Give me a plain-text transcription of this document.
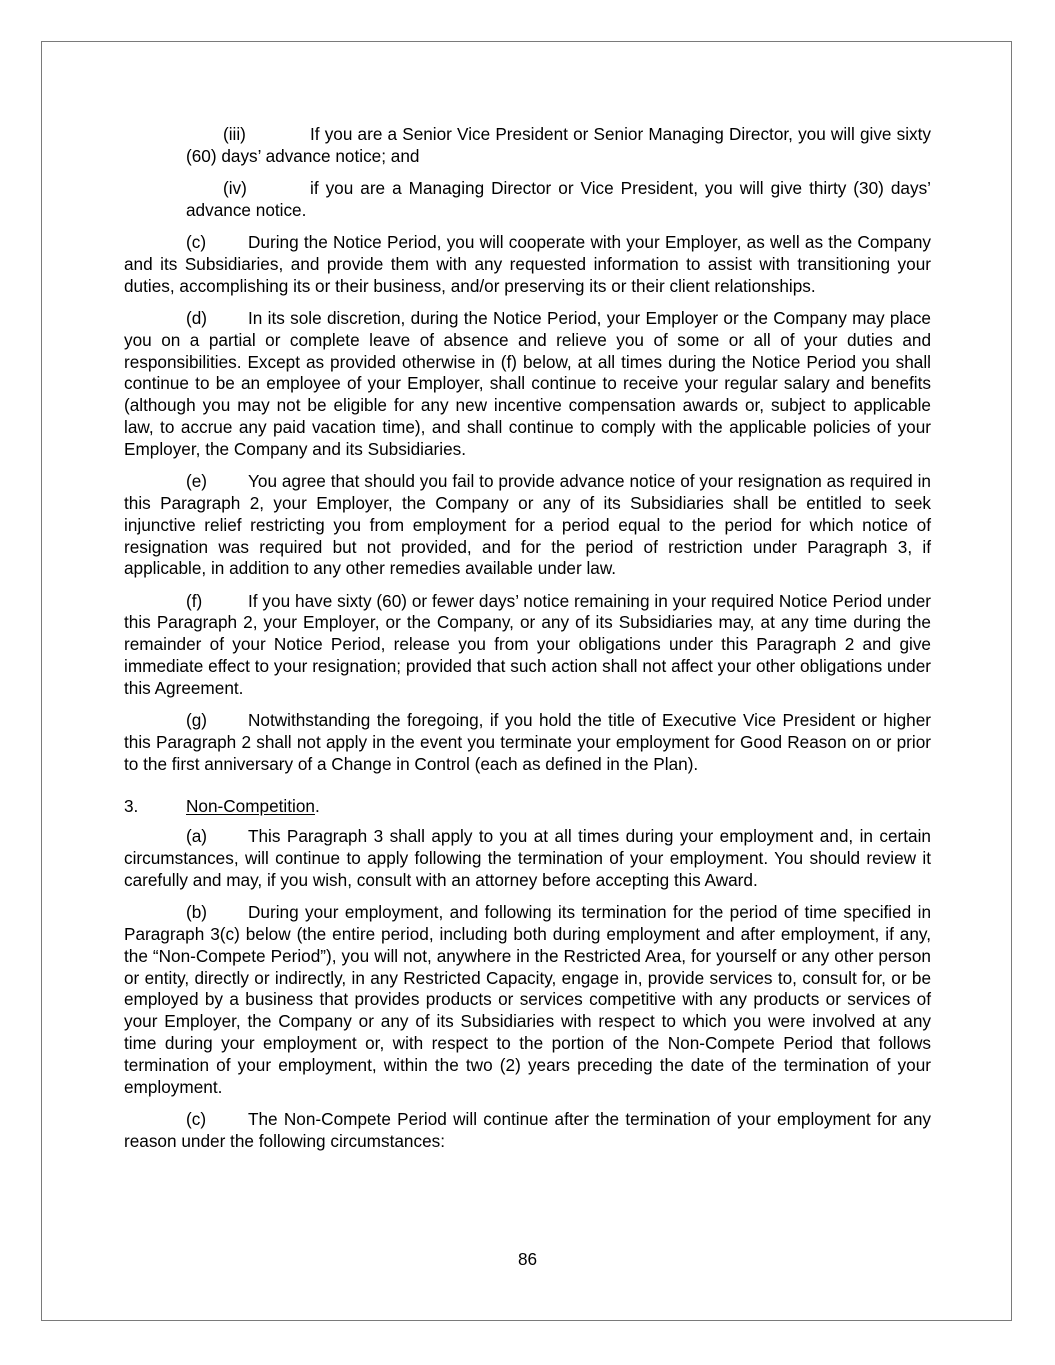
(iii)	If you are a Senior Vice President or Senior Managing Director, you will give sixty (60) days’ advance notice; and

(iv)	if you are a Managing Director or Vice President, you will give thirty (30) days’ advance notice.

(c) During the Notice Period, you will cooperate with your Employer, as well as the Company and its Subsidiaries, and provide them with any requested information to assist with transitioning your duties, accomplishing its or their business, and/or preserving its or their client relationships.

(d) In its sole discretion, during the Notice Period, your Employer or the Company may place you on a partial or complete leave of absence and relieve you of some or all of your duties and responsibilities. Except as provided otherwise in (f) below, at all times during the Notice Period you shall continue to be an employee of your Employer, shall continue to receive your regular salary and benefits (although you may not be eligible for any new incentive compensation awards or, subject to applicable law, to accrue any paid vacation time), and shall continue to comply with the applicable policies of your Employer, the Company and its Subsidiaries.

(e) You agree that should you fail to provide advance notice of your resignation as required in this Paragraph 2, your Employer, the Company or any of its Subsidiaries shall be entitled to seek injunctive relief restricting you from employment for a period equal to the period for which notice of resignation was required but not provided, and for the period of restriction under Paragraph 3, if applicable, in addition to any other remedies available under law.

(f)	If you have sixty (60) or fewer days’ notice remaining in your required Notice Period under this Paragraph 2, your Employer, or the Company, or any of its Subsidiaries may, at any time during the remainder of your Notice Period, release you from your obligations under this Paragraph 2 and give immediate effect to your resignation; provided that such action shall not affect your other obligations under this Agreement.

(g) Notwithstanding the foregoing, if you hold the title of Executive Vice President or higher this Paragraph 2 shall not apply in the event you terminate your employment for Good Reason on or prior to the first anniversary of a Change in Control (each as defined in the Plan).

3.	Non-Competition.

(a) This Paragraph 3 shall apply to you at all times during your employment and, in certain circumstances, will continue to apply following the termination of your employment. You should review it carefully and may, if you wish, consult with an attorney before accepting this Award.

(b) During your employment, and following its termination for the period of time specified in Paragraph 3(c) below (the entire period, including both during employment and after employment, if any, the “Non-Compete Period”), you will not, anywhere in the Restricted Area, for yourself or any other person or entity, directly or indirectly, in any Restricted Capacity, engage in, provide services to, consult for, or be employed by a business that provides products or services competitive with any products or services of your Employer, the Company or any of its Subsidiaries with respect to which you were involved at any time during your employment or, with respect to the portion of the Non-Compete Period that follows termination of your employment, within the two (2) years preceding the date of the termination of your employment.

(c) The Non-Compete Period will continue after the termination of your employment for any reason under the following circumstances:

86
